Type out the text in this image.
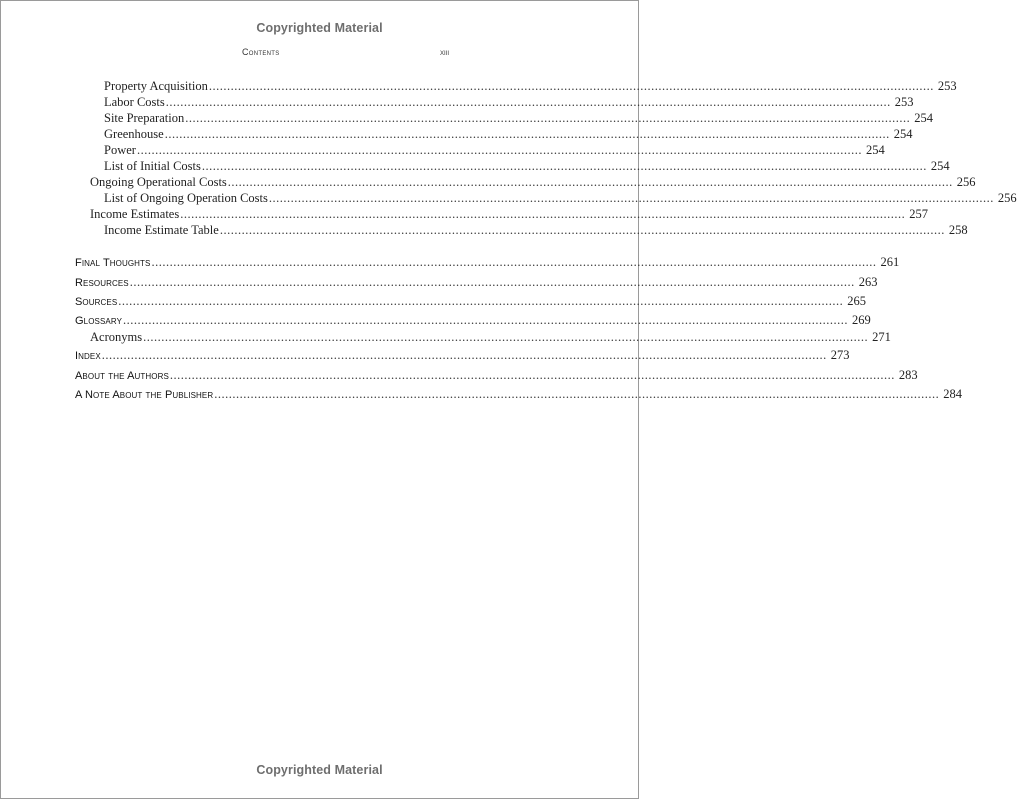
Copyrighted Material
Contents	xiii
Property Acquisition ........................................................................................................................................................................................................ 253
Labor Costs ........................................................................................................................................................................................................ 253
Site Preparation ........................................................................................................................................................................................................ 254
Greenhouse ........................................................................................................................................................................................................ 254
Power ........................................................................................................................................................................................................ 254
List of Initial Costs ........................................................................................................................................................................................................ 254
Ongoing Operational Costs ........................................................................................................................................................................................................ 256
List of Ongoing Operation Costs ........................................................................................................................................................................................................ 256
Income Estimates ........................................................................................................................................................................................................ 257
Income Estimate Table ........................................................................................................................................................................................................ 258
Final Thoughts ........................................................................................................................................................................................................ 261
Resources ........................................................................................................................................................................................................ 263
Sources ........................................................................................................................................................................................................ 265
Glossary ........................................................................................................................................................................................................ 269
Acronyms ........................................................................................................................................................................................................ 271
Index ........................................................................................................................................................................................................ 273
About the Authors ........................................................................................................................................................................................................ 283
A Note About the Publisher ........................................................................................................................................................................................................ 284
Copyrighted Material
